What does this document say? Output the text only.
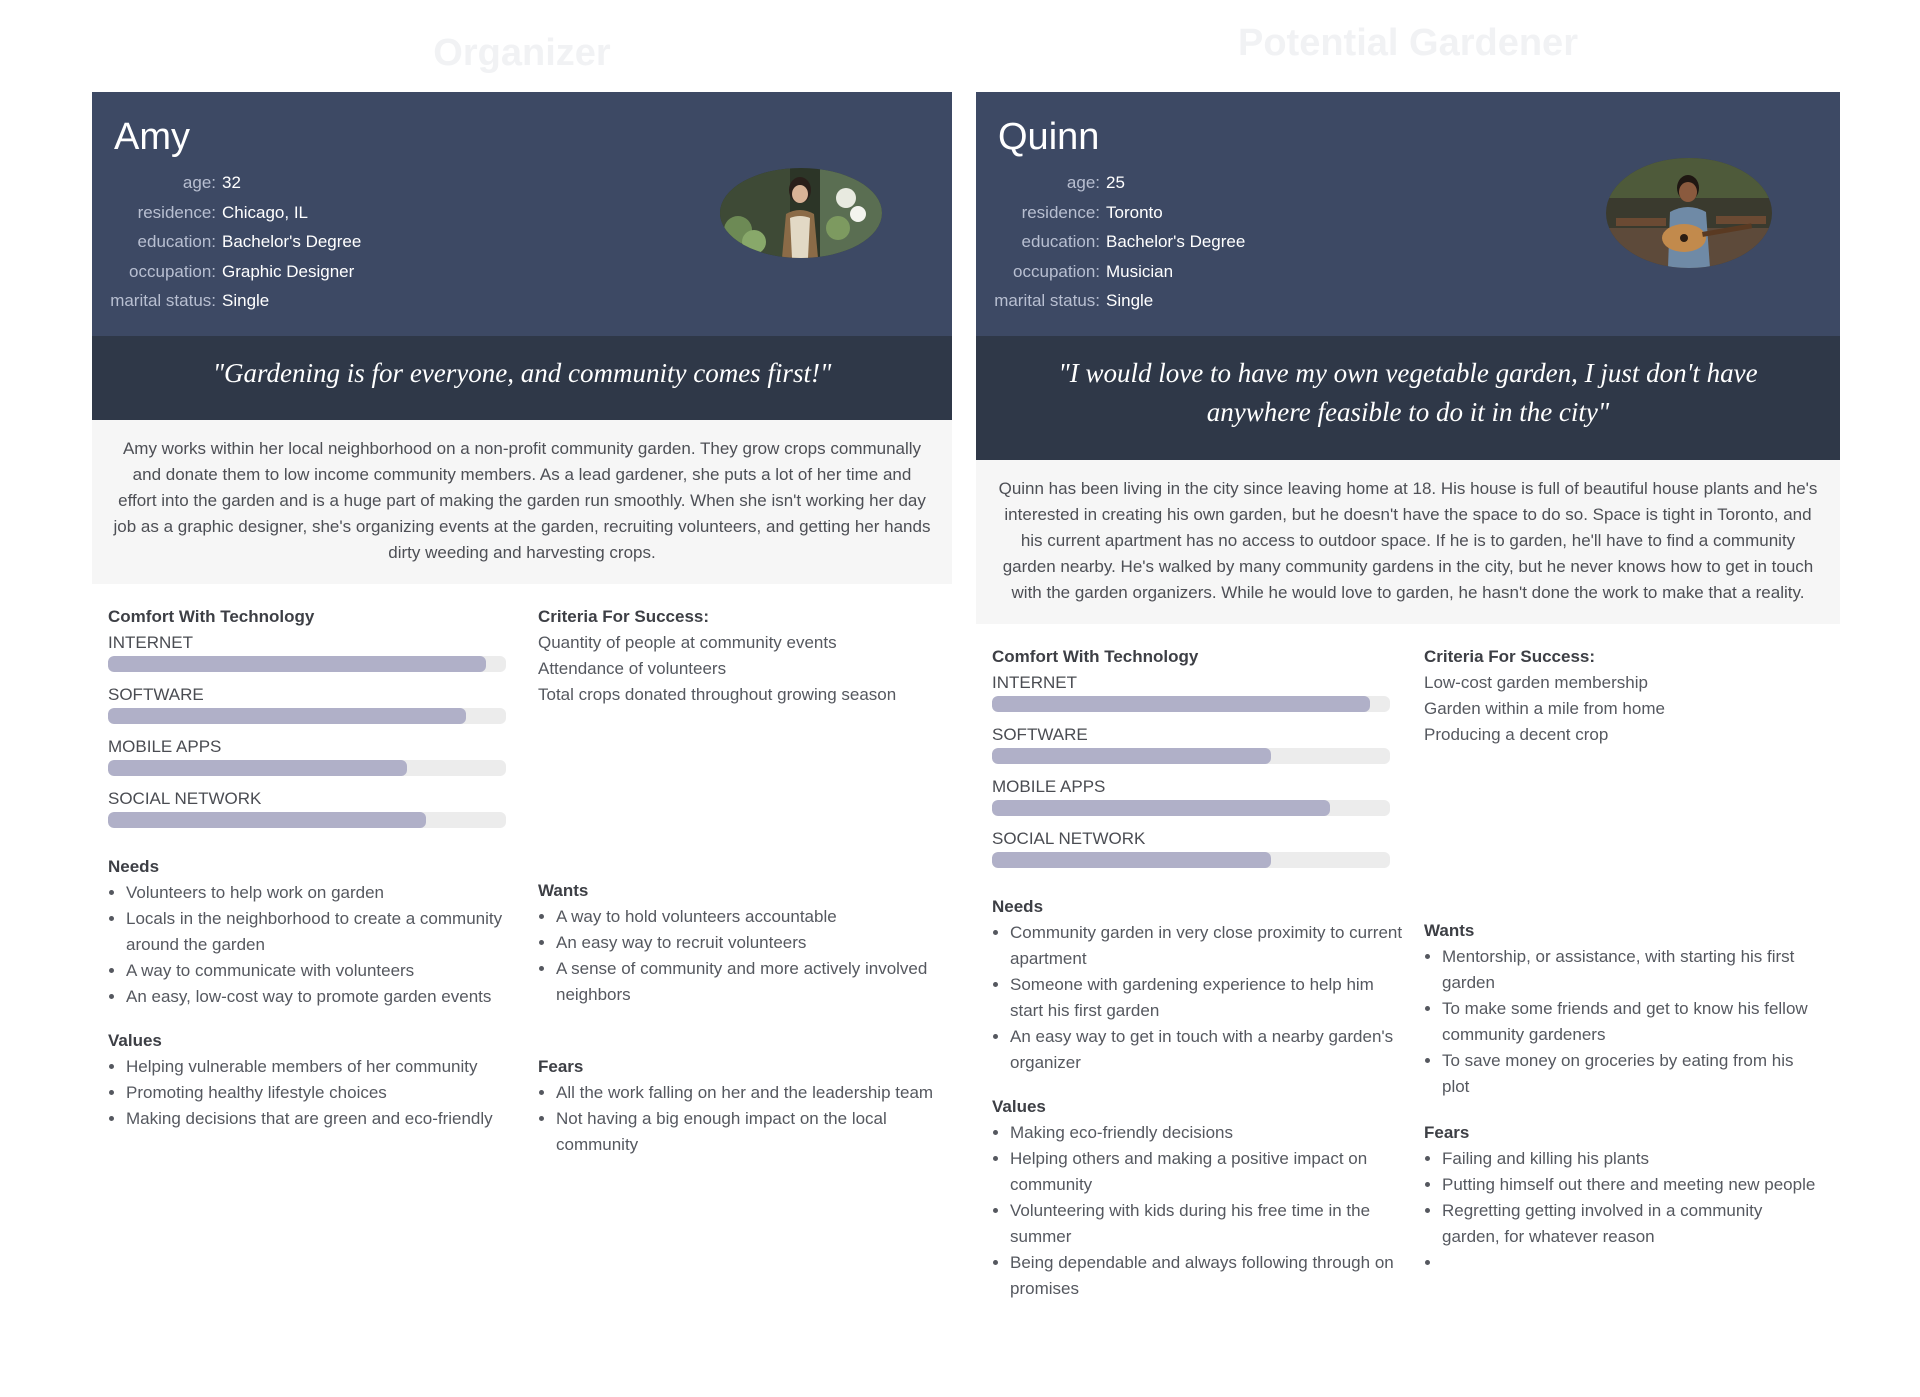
Organizer
Amy
age: 32
residence: Chicago, IL
education: Bachelor's Degree
occupation: Graphic Designer
marital status: Single
"Gardening is for everyone, and community comes first!"
Amy works within her local neighborhood on a non-profit community garden. They grow crops communally and donate them to low income community members. As a lead gardener, she puts a lot of her time and effort into the garden and is a huge part of making the garden run smoothly. When she isn't working her day job as a graphic designer, she's organizing events at the garden, recruiting volunteers, and getting her hands dirty weeding and harvesting crops.
Comfort With Technology
INTERNET
SOFTWARE
MOBILE APPS
SOCIAL NETWORK
Needs
• Volunteers to help work on garden
• Locals in the neighborhood to create a community around the garden
• A way to communicate with volunteers
• An easy, low-cost way to promote garden events
Values
• Helping vulnerable members of her community
• Promoting healthy lifestyle choices
• Making decisions that are green and eco-friendly
Criteria For Success:
Quantity of people at community events
Attendance of volunteers
Total crops donated throughout growing season
Wants
• A way to hold volunteers accountable
• An easy way to recruit volunteers
• A sense of community and more actively involved neighbors
Fears
• All the work falling on her and the leadership team
• Not having a big enough impact on the local community
Potential Gardener
Quinn
age: 25
residence: Toronto
education: Bachelor's Degree
occupation: Musician
marital status: Single
"I would love to have my own vegetable garden, I just don't have anywhere feasible to do it in the city"
Quinn has been living in the city since leaving home at 18. His house is full of beautiful house plants and he's interested in creating his own garden, but he doesn't have the space to do so. Space is tight in Toronto, and his current apartment has no access to outdoor space. If he is to garden, he'll have to find a community garden nearby. He's walked by many community gardens in the city, but he never knows how to get in touch with the garden organizers. While he would love to garden, he hasn't done the work to make that a reality.
Comfort With Technology
INTERNET
SOFTWARE
MOBILE APPS
SOCIAL NETWORK
Needs
• Community garden in very close proximity to current apartment
• Someone with gardening experience to help him start his first garden
• An easy way to get in touch with a nearby garden's organizer
Values
• Making eco-friendly decisions
• Helping others and making a positive impact on community
• Volunteering with kids during his free time in the summer
• Being dependable and always following through on promises
Criteria For Success:
Low-cost garden membership
Garden within a mile from home
Producing a decent crop
Wants
• Mentorship, or assistance, with starting his first garden
• To make some friends and get to know his fellow community gardeners
• To save money on groceries by eating from his plot
Fears
• Failing and killing his plants
• Putting himself out there and meeting new people
• Regretting getting involved in a community garden, for whatever reason
•
